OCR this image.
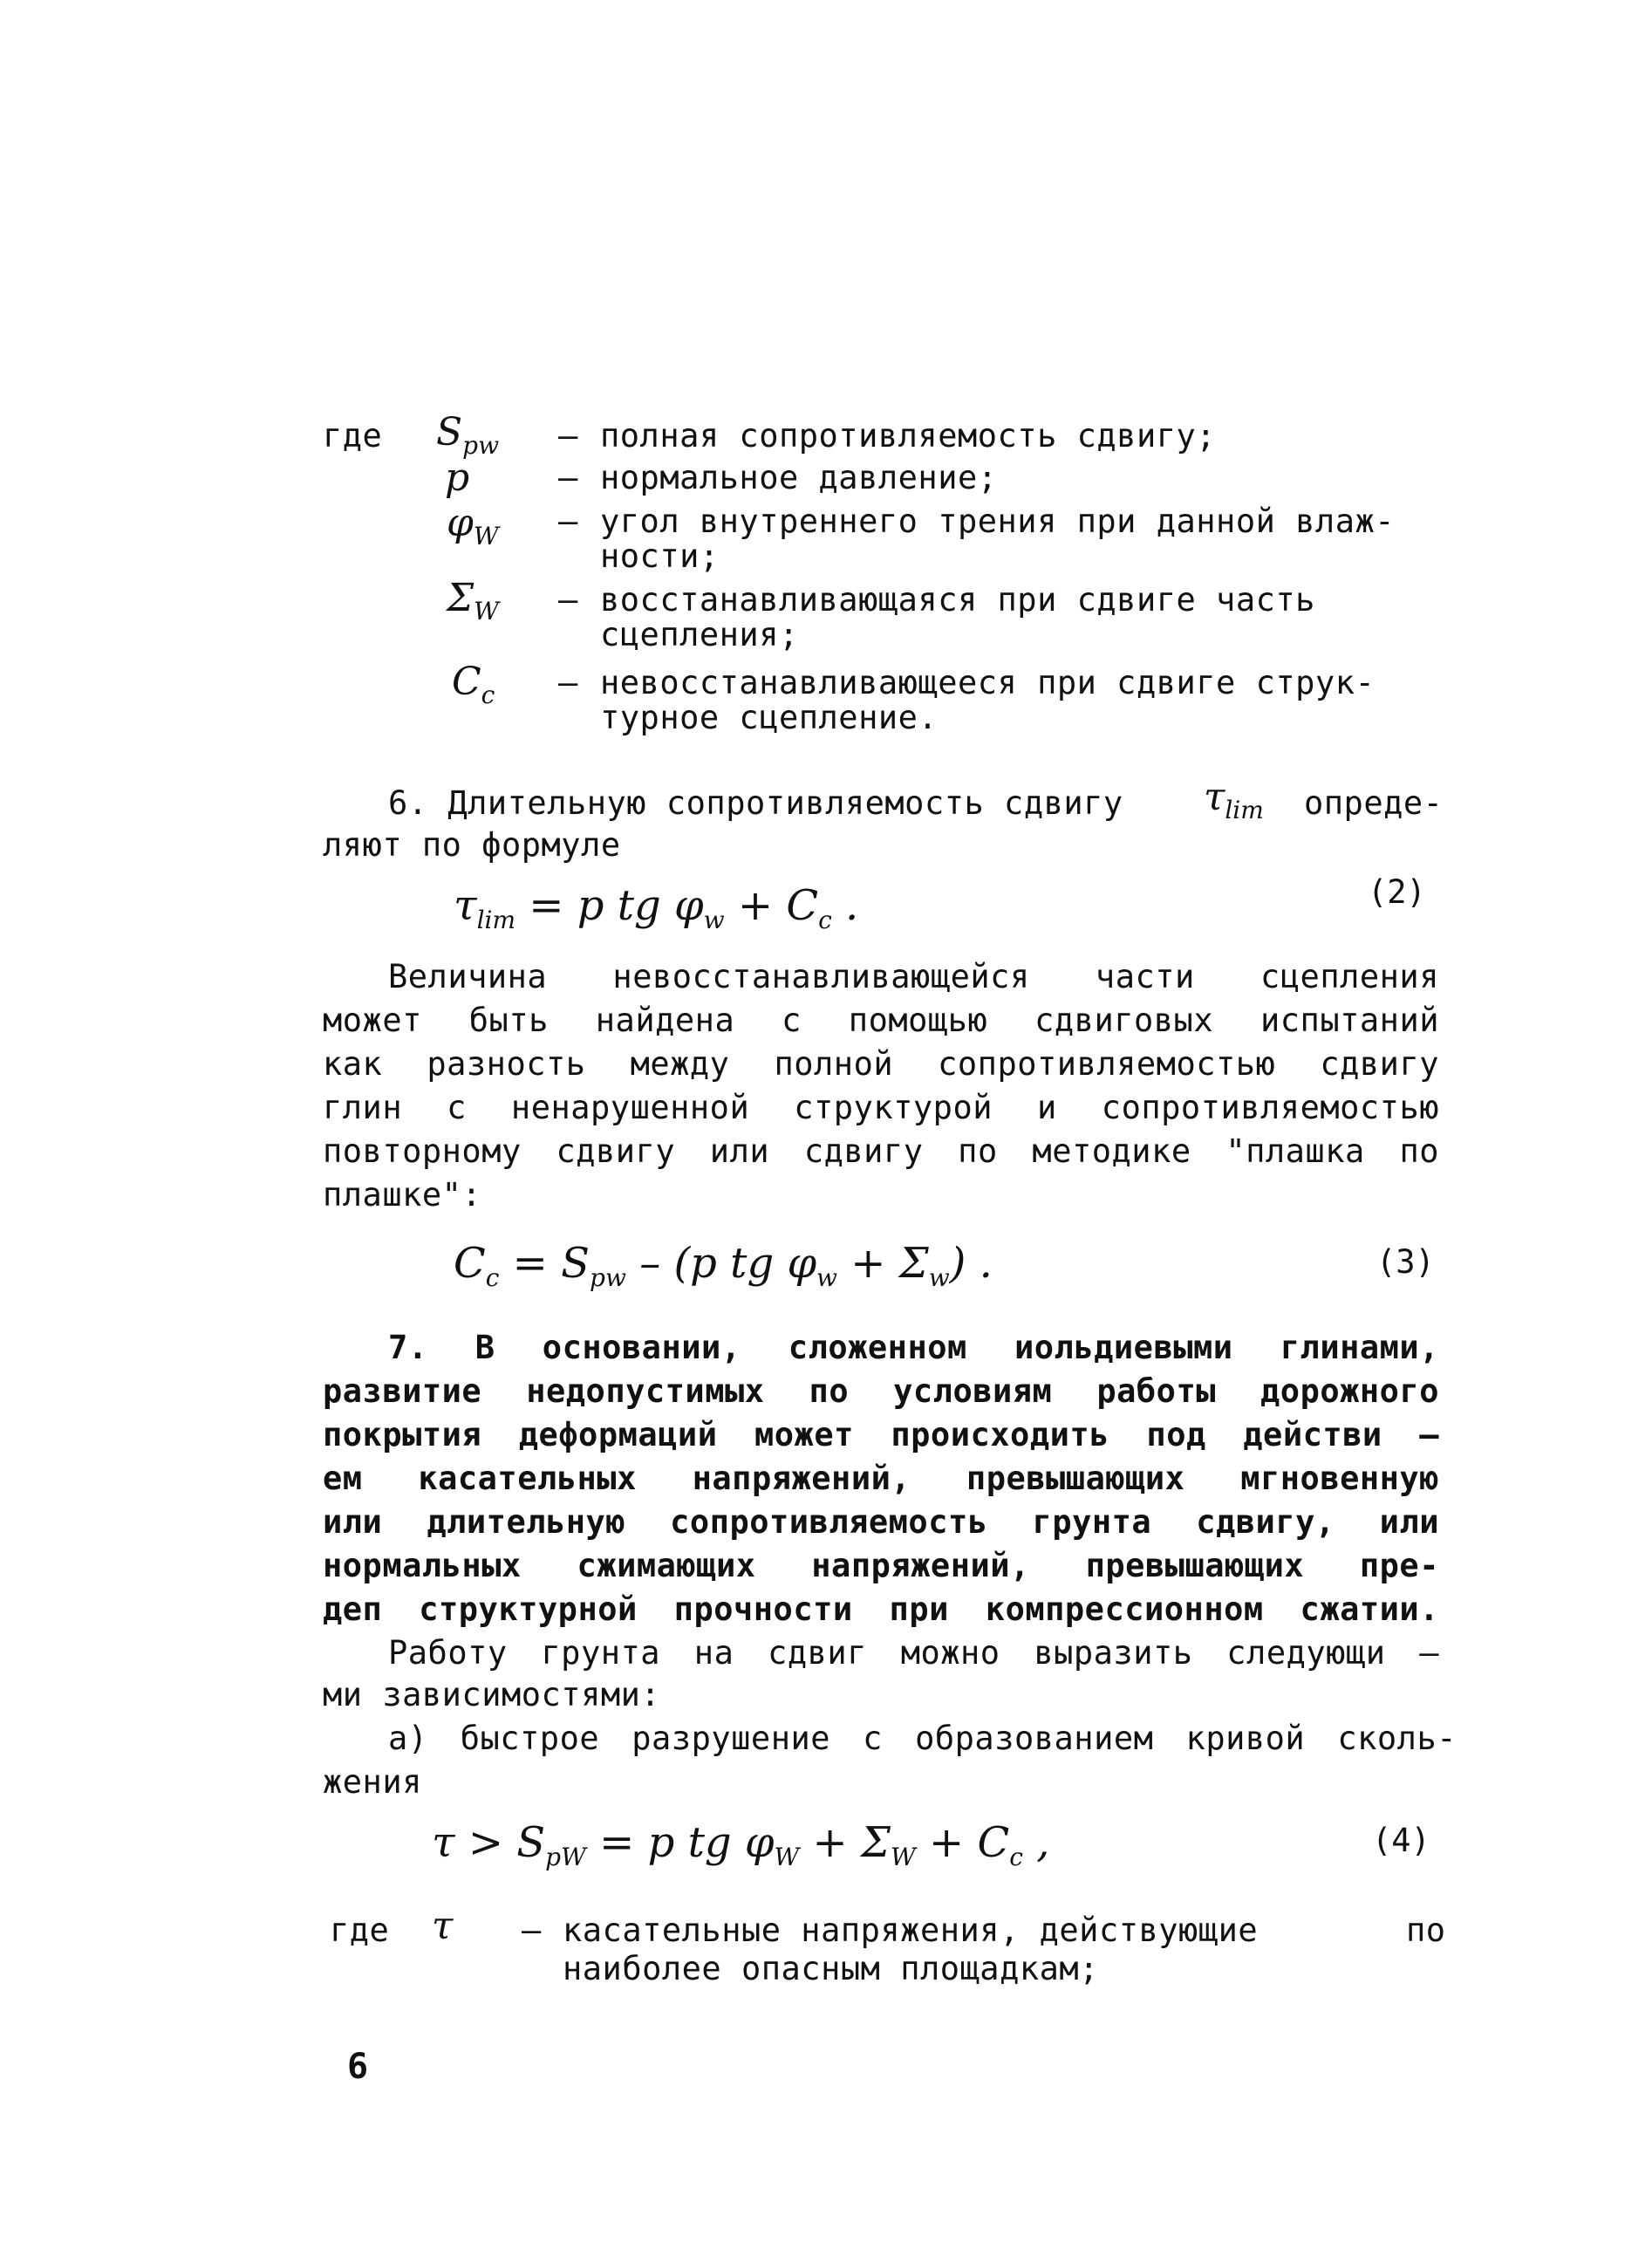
где $S_{pw}$ – полная сопротивляемость сдвигу;
p	– нормальное давление;
$\varphi_W$ – угол внутреннего трения при данной влаж-
ности;
$\Sigma_W$ – восстанавливающаяся при сдвиге часть
сцепления;
$C_c$ – невосстанавливающееся при сдвиге струк-
турное сцепление.
6. Длительную сопротивляемость сдвигу $\tau_{lim}$ опреде-
ляют по формуле
$\tau_{lim} = p$ tg $\varphi_w + C_c$ .	(2)
Величина невосстанавливающейся части сцепления
может быть найдена с помощью сдвиговых испытаний
как разность между полной сопротивляемостью сдвигу
глин с ненарушенной структурой и сопротивляемостью
повторному сдвигу или сдвигу по методике "плашка по
плашке":
$C_c = S_{pw} - (p$ tg $\varphi_w + \Sigma_w$) .	(3)
7. В основании, сложенном иольдиевыми глинами,
развитие недопустимых по условиям работы дорожного
покрытия деформаций может происходить под действи –
ем касательных напряжений, превышающих мгновенную
или длительную сопротивляемость грунта сдвигу, или
нормальных сжимающих напряжений, превышающих пре-
деп структурной прочности при компрессионном сжатии.
Работу грунта на сдвиг можно выразить следующи –
ми зависимостями:
а) быстрое разрушение с образованием кривой сколь-
жения
$\tau > S_{pW} = p$ tg $\varphi_W + \Sigma_W + C_c$ ,	(4)
где τ – касательные напряжения, действующие	по
наиболее опасным площадкам;
6
